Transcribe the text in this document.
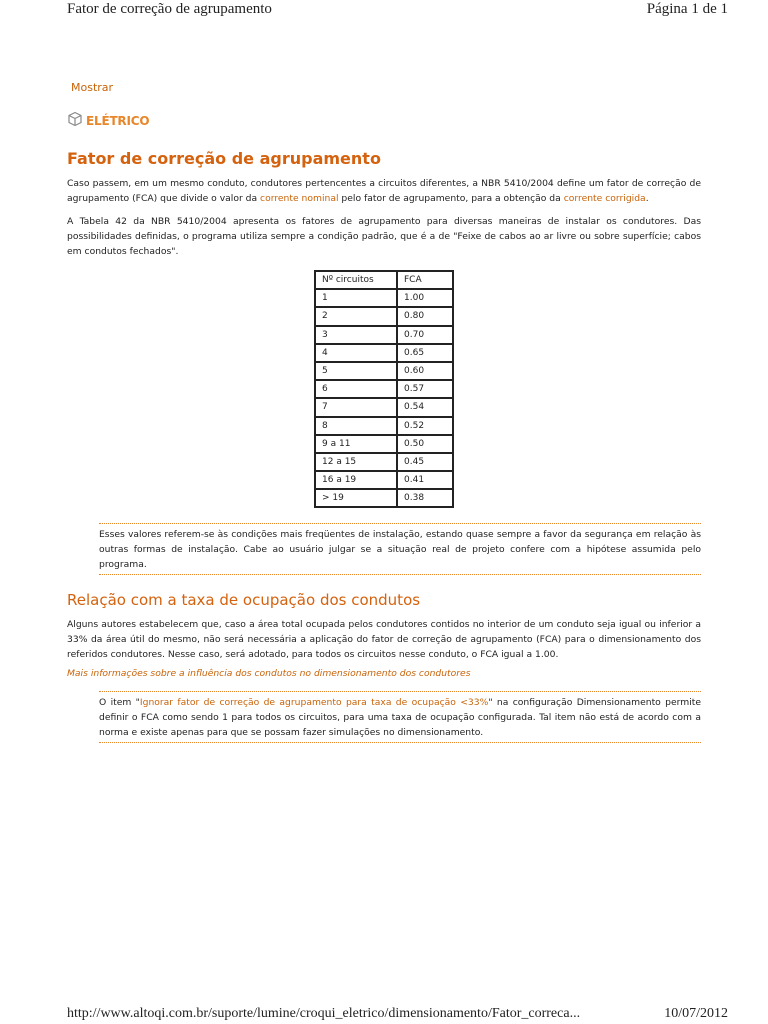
Fator de correção de agrupamento	Página 1 de 1
Mostrar
ELÉTRICO
Fator de correção de agrupamento

Caso passem, em um mesmo conduto, condutores pertencentes a circuitos diferentes, a NBR 5410/2004 define um fator de correção de agrupamento (FCA) que divide o valor da corrente nominal pelo fator de agrupamento, para a obtenção da corrente corrigida.

A Tabela 42 da NBR 5410/2004 apresenta os fatores de agrupamento para diversas maneiras de instalar os condutores. Das possibilidades definidas, o programa utiliza sempre a condição padrão, que é a de "Feixe de cabos ao ar livre ou sobre superfície; cabos em condutos fechados".

Nº circuitos	FCA
1	1.00
2	0.80
3	0.70
4	0.65
5	0.60
6	0.57
7	0.54
8	0.52
9 a 11	0.50
12 a 15	0.45
16 a 19	0.41
> 19	0.38

Esses valores referem-se às condições mais freqüentes de instalação, estando quase sempre a favor da segurança em relação às outras formas de instalação. Cabe ao usuário julgar se a situação real de projeto confere com a hipótese assumida pelo programa.

Relação com a taxa de ocupação dos condutos

Alguns autores estabelecem que, caso a área total ocupada pelos condutores contidos no interior de um conduto seja igual ou inferior a 33% da área útil do mesmo, não será necessária a aplicação do fator de correção de agrupamento (FCA) para o dimensionamento dos referidos condutores. Nesse caso, será adotado, para todos os circuitos nesse conduto, o FCA igual a 1.00.

Mais informações sobre a influência dos condutos no dimensionamento dos condutores

O item "Ignorar fator de correção de agrupamento para taxa de ocupação <33%" na configuração Dimensionamento permite definir o FCA como sendo 1 para todos os circuitos, para uma taxa de ocupação configurada. Tal item não está de acordo com a norma e existe apenas para que se possam fazer simulações no dimensionamento.

http://www.altoqi.com.br/suporte/lumine/croqui_eletrico/dimensionamento/Fator_correca...	10/07/2012
